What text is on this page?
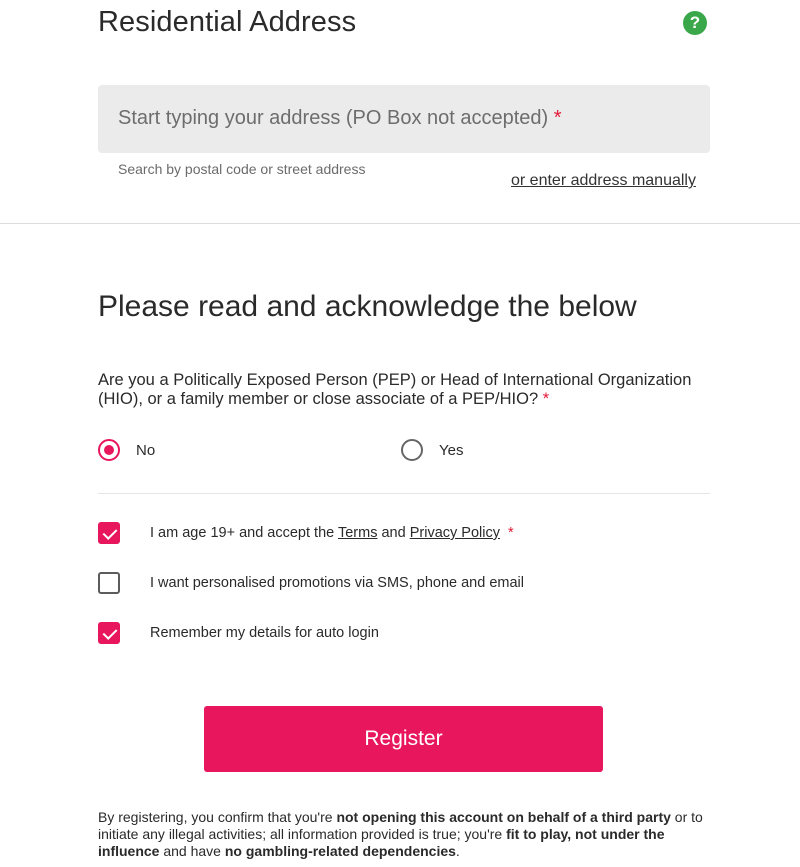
Residential Address	?
Start typing your address (PO Box not accepted) *
Search by postal code or street address
or enter address manually
Please read and acknowledge the below
Are you a Politically Exposed Person (PEP) or Head of International Organization (HIO), or a family member or close associate of a PEP/HIO? *
No	Yes
I am age 19+ and accept the Terms and Privacy Policy *
I want personalised promotions via SMS, phone and email
Remember my details for auto login
Register
By registering, you confirm that you're not opening this account on behalf of a third party or to initiate any illegal activities; all information provided is true; you're fit to play, not under the influence and have no gambling-related dependencies.
